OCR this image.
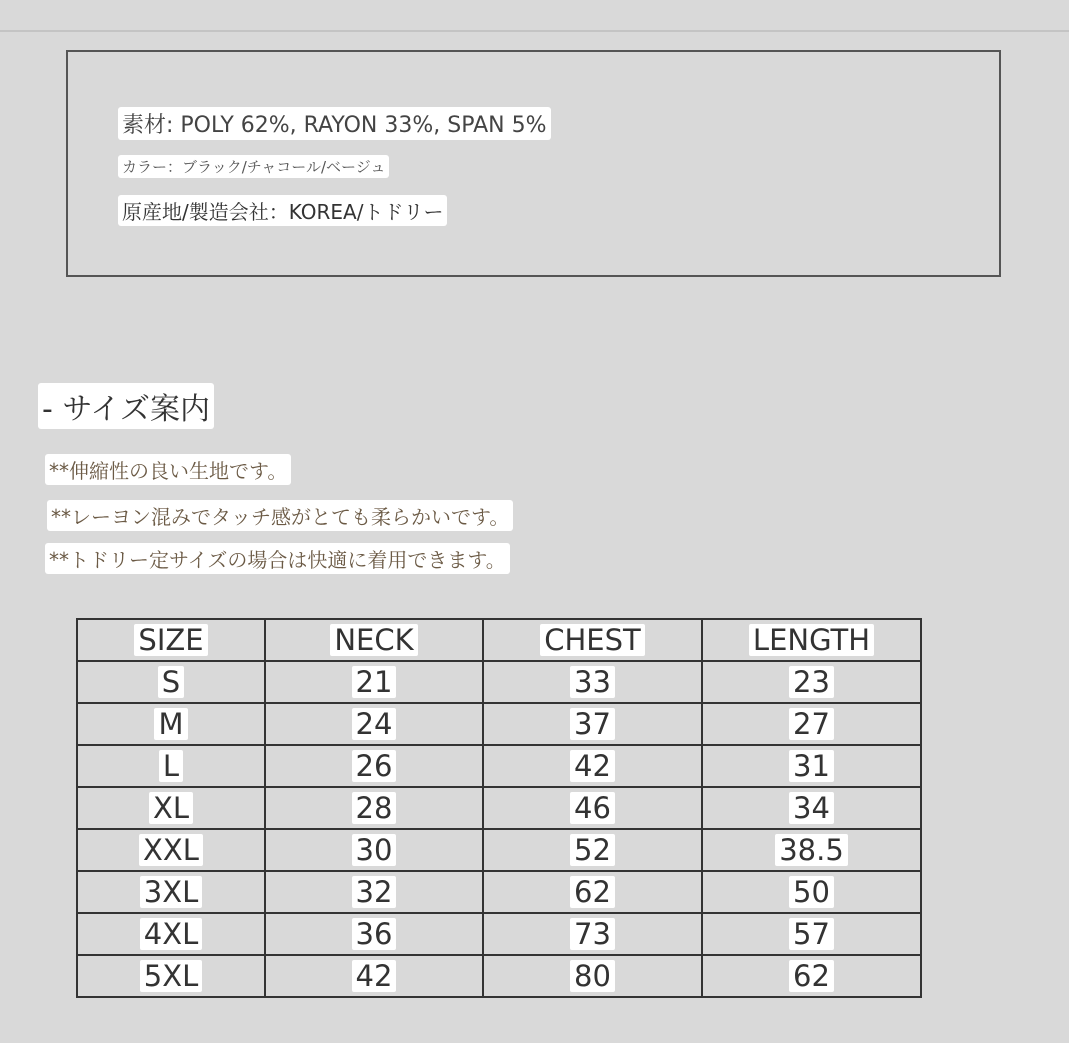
素材: POLY 62%, RAYON 33%, SPAN 5%
カラー：ブラック/チャコール/ベージュ
原産地/製造会社：KOREA/トドリー
- サイズ案内
**伸縮性の良い生地です。
**レーヨン混みでタッチ感がとても柔らかいです。
**トドリー定サイズの場合は快適に着用できます。
SIZE	NECK	CHEST	LENGTH
S	21	33	23
M	24	37	27
L	26	42	31
XL	28	46	34
XXL	30	52	38.5
3XL	32	62	50
4XL	36	73	57
5XL	42	80	62
